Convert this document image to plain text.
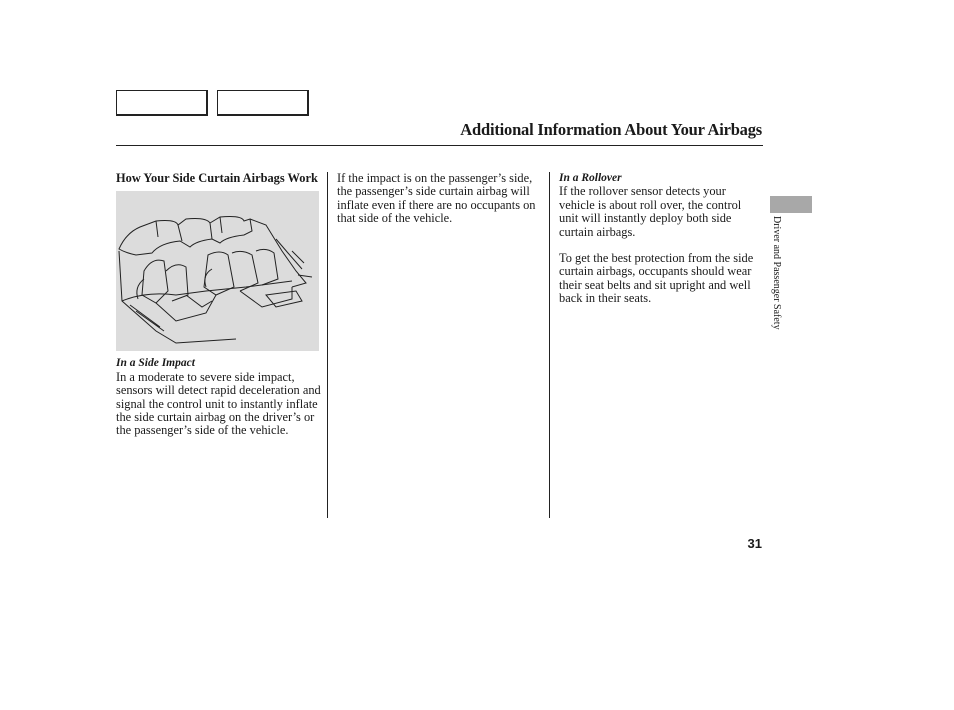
Additional Information About Your Airbags

How Your Side Curtain Airbags Work

In a Side Impact

In a moderate to severe side impact, sensors will detect rapid deceleration and signal the control unit to instantly inflate the side curtain airbag on the driver’s or the passenger’s side of the vehicle.

If the impact is on the passenger’s side, the passenger’s side curtain airbag will inflate even if there are no occupants on that side of the vehicle.

In a Rollover

If the rollover sensor detects your vehicle is about roll over, the control unit will instantly deploy both side curtain airbags.

To get the best protection from the side curtain airbags, occupants should wear their seat belts and sit upright and well back in their seats.	Driver and Passenger Safety
31
